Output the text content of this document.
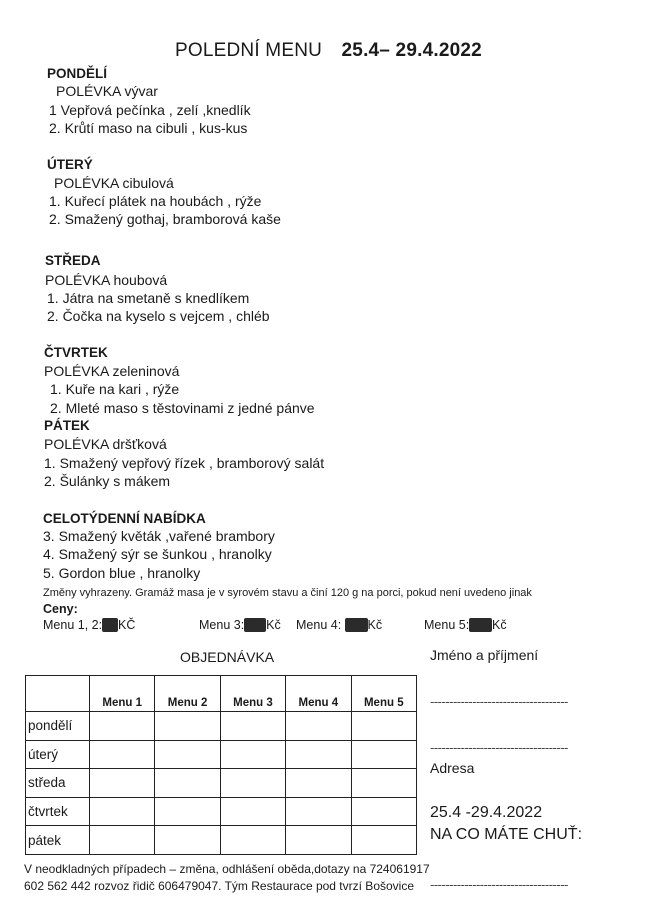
POLEDNÍ MENU 25.4– 29.4.2022
PONDĚLÍ
POLÉVKA vývar
1 Vepřová pečínka , zelí ,knedlík
2. Krůtí maso na cibuli , kus-kus
ÚTERÝ
POLÉVKA cibulová
1. Kuřecí plátek na houbách , rýže
2. Smažený gothaj, bramborová kaše
STŘEDA
POLÉVKA houbová
1. Játra na smetaně s knedlíkem
2. Čočka na kyselo s vejcem , chléb
ČTVRTEK
POLÉVKA zeleninová
1. Kuře na kari , rýže
2. Mleté maso s těstovinami z jedné pánve
PÁTEK
POLÉVKA dršťková
1. Smažený vepřový řízek , bramborový salát
2. Šulánky s mákem
CELOTÝDENNÍ NABÍDKA
3. Smažený květák ,vařené brambory
4. Smažený sýr se šunkou , hranolky
5. Gordon blue , hranolky
Změny vyhrazeny. Gramáž masa je v syrovém stavu a činí 120 g na porci, pokud není uvedeno jinak
Ceny:
Menu 1, 2:89KČ	Menu 3:115Kč Menu 4: 100Kč	Menu 5:120Kč
OBJEDNÁVKA	Jméno a příjmení
	Menu 1	Menu 2	Menu 3	Menu 4	Menu 5
pondělí					
úterý					
středa					
čtvrtek					
pátek					
------------------------------------
------------------------------------
Adresa
25.4 -29.4.2022
NA CO MÁTE CHUŤ:
------------------------------------
V neodkladných případech – změna, odhlášení oběda,dotazy na 724061917
602 562 442 rozvoz řidič 606479047. Tým Restaurace pod tvrzí Bošovice
